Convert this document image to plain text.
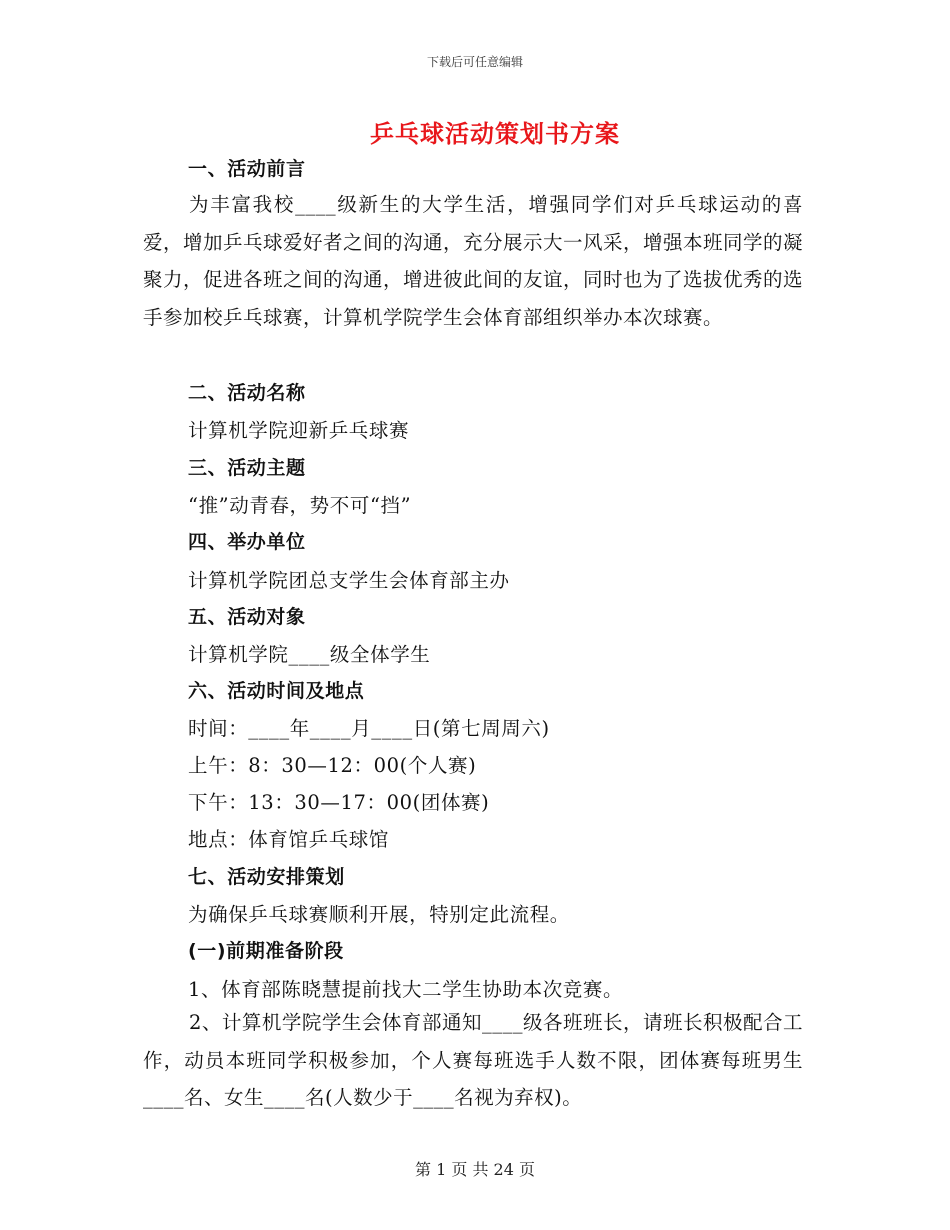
下载后可任意编辑
乒乓球活动策划书方案
一、活动前言
为丰富我校____级新生的大学生活，增强同学们对乒乓球运动的喜爱，增加乒乓球爱好者之间的沟通，充分展示大一风采，增强本班同学的凝聚力，促进各班之间的沟通，增进彼此间的友谊，同时也为了选拔优秀的选手参加校乒乓球赛，计算机学院学生会体育部组织举办本次球赛。
二、活动名称
计算机学院迎新乒乓球赛
三、活动主题
“推”动青春，势不可“挡”
四、举办单位
计算机学院团总支学生会体育部主办
五、活动对象
计算机学院____级全体学生
六、活动时间及地点
时间：____年____月____日(第七周周六)
上午：8：30—12：00(个人赛)
下午：13：30—17：00(团体赛)
地点：体育馆乒乓球馆
七、活动安排策划
为确保乒乓球赛顺利开展，特别定此流程。
(一)前期准备阶段
1、体育部陈晓慧提前找大二学生协助本次竞赛。
2、计算机学院学生会体育部通知____级各班班长，请班长积极配合工作，动员本班同学积极参加，个人赛每班选手人数不限，团体赛每班男生____名、女生____名(人数少于____名视为弃权)。
第 1 页 共 24 页
